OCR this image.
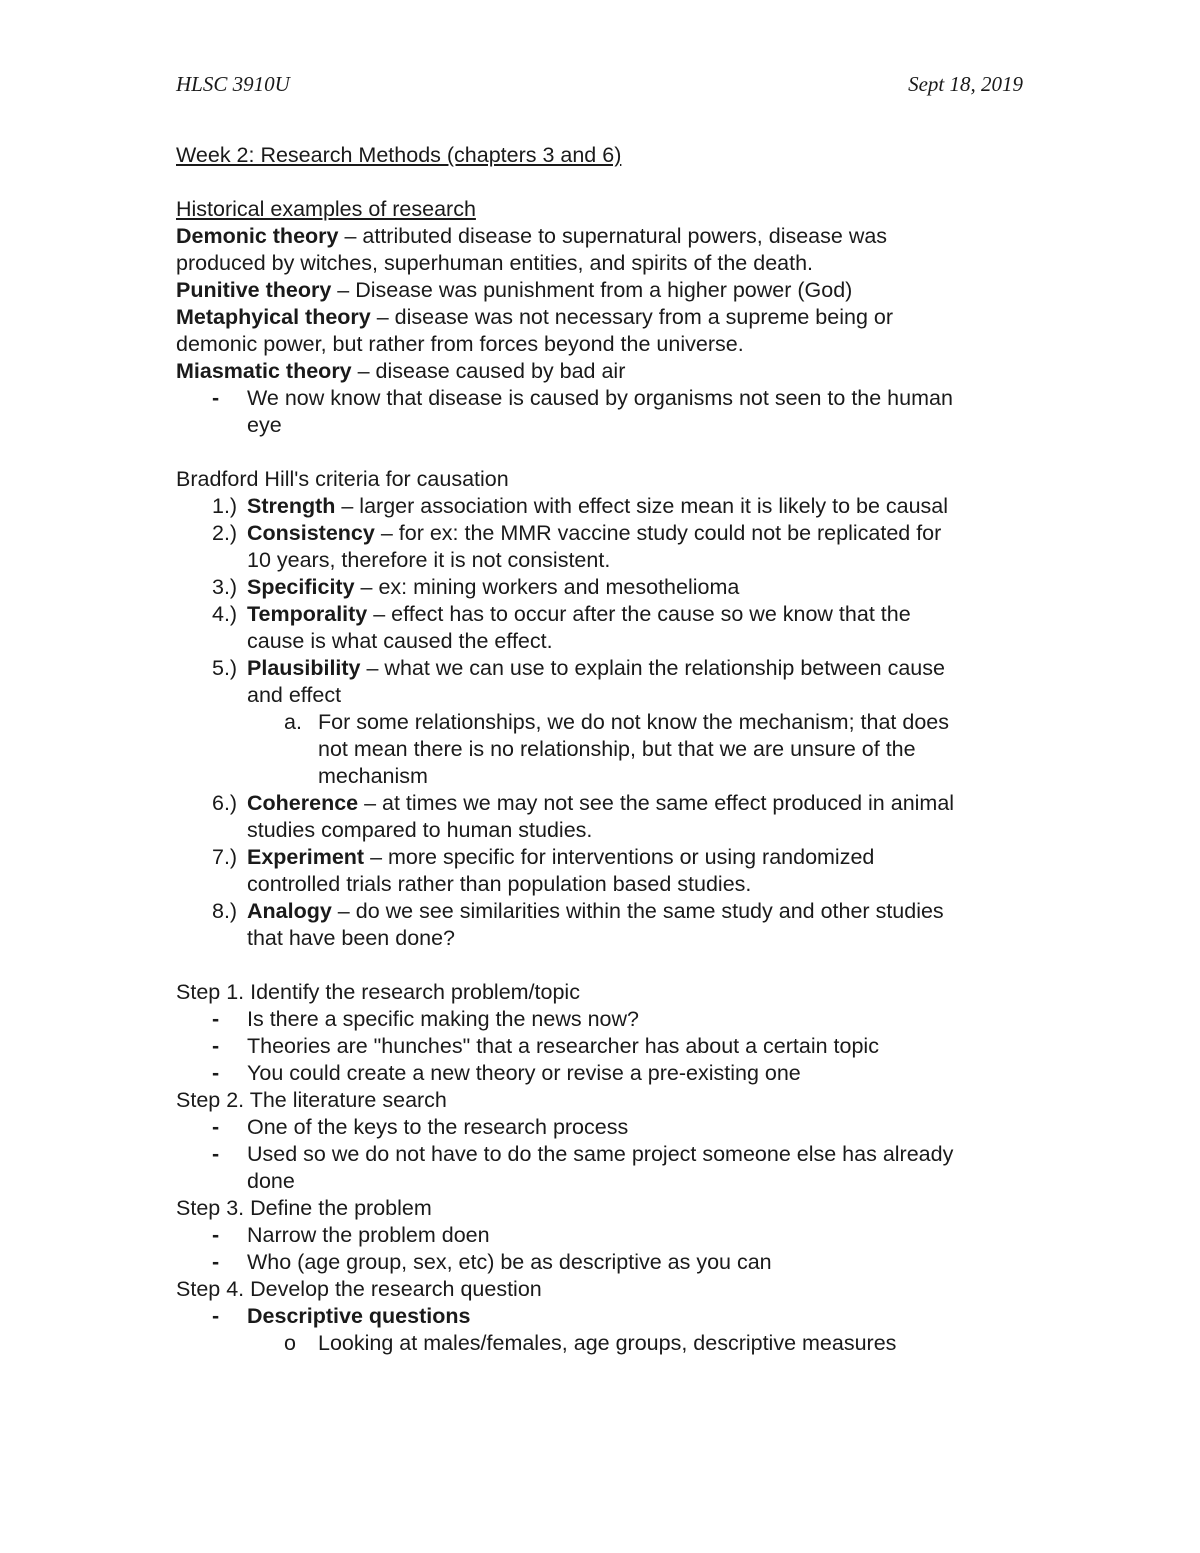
HLSC 3910U	Sept 18, 2019
Week 2: Research Methods (chapters 3 and 6)
Historical examples of research
Demonic theory – attributed disease to supernatural powers, disease was
produced by witches, superhuman entities, and spirits of the death.
Punitive theory – Disease was punishment from a higher power (God)
Metaphyical theory – disease was not necessary from a supreme being or
demonic power, but rather from forces beyond the universe.
Miasmatic theory – disease caused by bad air
- We now know that disease is caused by organisms not seen to the human
eye
Bradford Hill's criteria for causation
1.) Strength – larger association with effect size mean it is likely to be causal
2.) Consistency – for ex: the MMR vaccine study could not be replicated for
10 years, therefore it is not consistent.
3.) Specificity – ex: mining workers and mesothelioma
4.) Temporality – effect has to occur after the cause so we know that the
cause is what caused the effect.
5.) Plausibility – what we can use to explain the relationship between cause
and effect
a. For some relationships, we do not know the mechanism; that does
not mean there is no relationship, but that we are unsure of the
mechanism
6.) Coherence – at times we may not see the same effect produced in animal
studies compared to human studies.
7.) Experiment – more specific for interventions or using randomized
controlled trials rather than population based studies.
8.) Analogy – do we see similarities within the same study and other studies
that have been done?
Step 1. Identify the research problem/topic
- Is there a specific making the news now?
- Theories are "hunches" that a researcher has about a certain topic
- You could create a new theory or revise a pre-existing one
Step 2. The literature search
- One of the keys to the research process
- Used so we do not have to do the same project someone else has already
done
Step 3. Define the problem
- Narrow the problem doen
- Who (age group, sex, etc) be as descriptive as you can
Step 4. Develop the research question
- Descriptive questions
o Looking at males/females, age groups, descriptive measures
